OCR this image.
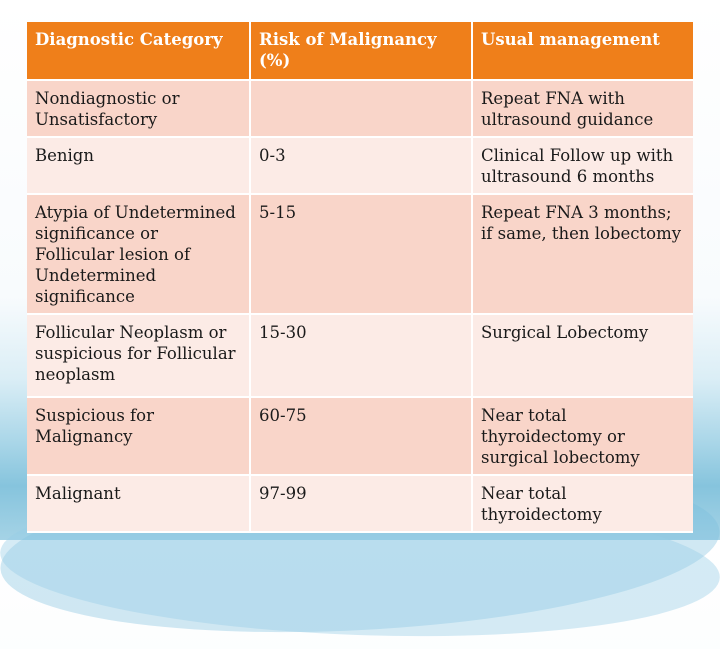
Diagnostic Category	Risk of Malignancy (%)	Usual management
Nondiagnostic or Unsatisfactory		Repeat FNA with ultrasound guidance
Benign	0-3	Clinical Follow up with ultrasound 6 months
Atypia of Undetermined significance or Follicular lesion of Undetermined significance	5-15	Repeat FNA 3 months; if same, then lobectomy
Follicular Neoplasm or suspicious for Follicular neoplasm	15-30	Surgical Lobectomy
Suspicious for Malignancy	60-75	Near total thyroidectomy or surgical lobectomy
Malignant	97-99	Near total thyroidectomy
